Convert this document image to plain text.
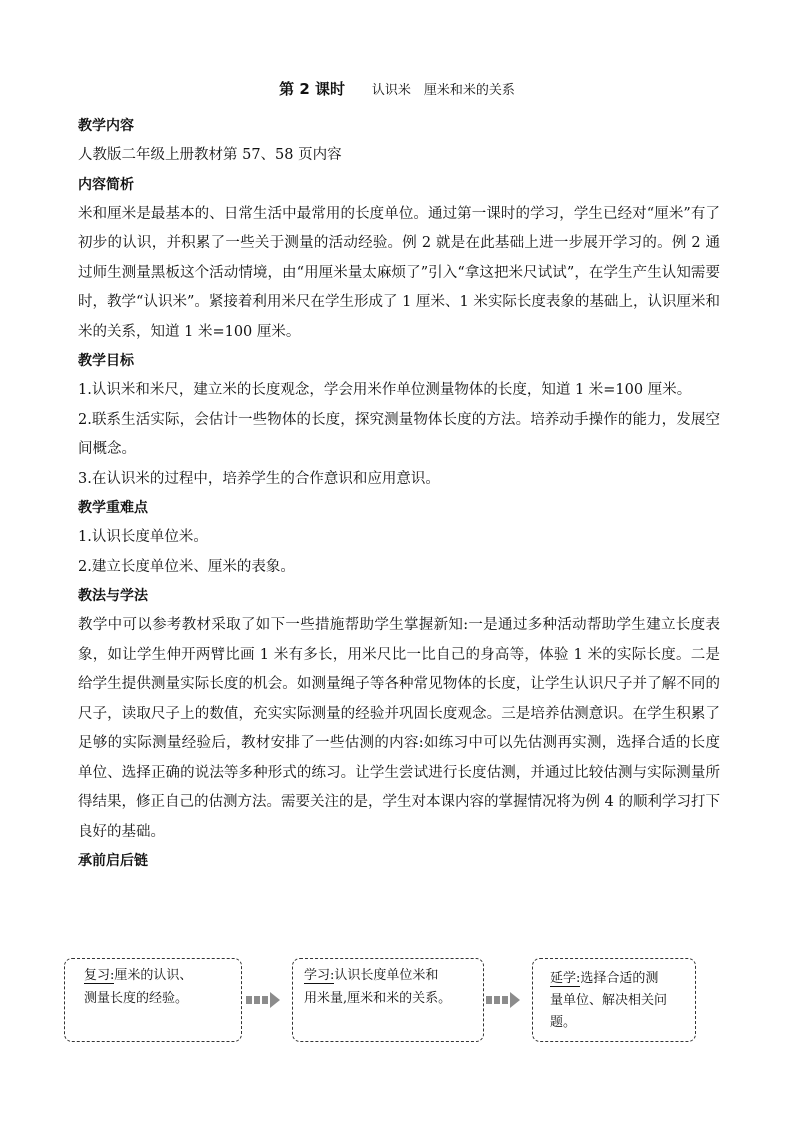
第 2 课时 认识米　厘米和米的关系
教学内容
人教版二年级上册教材第 57、58 页内容
内容简析
米和厘米是最基本的、日常生活中最常用的长度单位。通过第一课时的学习，学生已经对“厘米”有了初步的认识，并积累了一些关于测量的活动经验。例 2 就是在此基础上进一步展开学习的。例 2 通过师生测量黑板这个活动情境，由“用厘米量太麻烦了”引入“拿这把米尺试试”，在学生产生认知需要时，教学“认识米”。紧接着利用米尺在学生形成了 1 厘米、1 米实际长度表象的基础上，认识厘米和米的关系，知道 1 米=100 厘米。
教学目标
1.认识米和米尺，建立米的长度观念，学会用米作单位测量物体的长度，知道 1 米=100 厘米。
2.联系生活实际，会估计一些物体的长度，探究测量物体长度的方法。培养动手操作的能力，发展空间概念。
3.在认识米的过程中，培养学生的合作意识和应用意识。
教学重难点
1.认识长度单位米。
2.建立长度单位米、厘米的表象。
教法与学法
教学中可以参考教材采取了如下一些措施帮助学生掌握新知:一是通过多种活动帮助学生建立长度表象，如让学生伸开两臂比画 1 米有多长，用米尺比一比自己的身高等，体验 1 米的实际长度。二是给学生提供测量实际长度的机会。如测量绳子等各种常见物体的长度，让学生认识尺子并了解不同的尺子，读取尺子上的数值，充实实际测量的经验并巩固长度观念。三是培养估测意识。在学生积累了足够的实际测量经验后，教材安排了一些估测的内容:如练习中可以先估测再实测，选择合适的长度单位、选择正确的说法等多种形式的练习。让学生尝试进行长度估测，并通过比较估测与实际测量所得结果，修正自己的估测方法。需要关注的是，学生对本课内容的掌握情况将为例 4 的顺利学习打下良好的基础。
承前启后链
复习:厘米的认识、
测量长度的经验。
学习:认识长度单位米和
用米量,厘米和米的关系。
延学:选择合适的测
量单位、解决相关问
题。
